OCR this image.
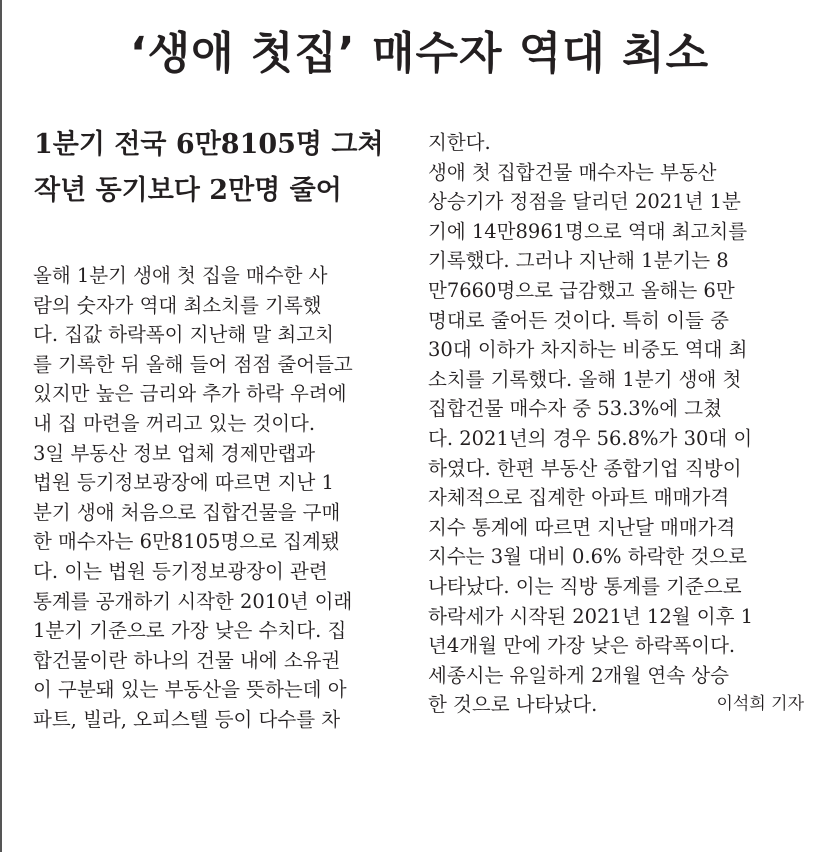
‘생애 첫집’ 매수자 역대 최소
1분기 전국 6만8105명 그쳐
작년 동기보다 2만명 줄어
올해 1분기 생애 첫 집을 매수한 사
람의 숫자가 역대 최소치를 기록했
다. 집값 하락폭이 지난해 말 최고치
를 기록한 뒤 올해 들어 점점 줄어들고
있지만 높은 금리와 추가 하락 우려에
내 집 마련을 꺼리고 있는 것이다.
3일 부동산 정보 업체 경제만랩과
법원 등기정보광장에 따르면 지난 1
분기 생애 처음으로 집합건물을 구매
한 매수자는 6만8105명으로 집계됐
다. 이는 법원 등기정보광장이 관련
통계를 공개하기 시작한 2010년 이래
1분기 기준으로 가장 낮은 수치다. 집
합건물이란 하나의 건물 내에 소유권
이 구분돼 있는 부동산을 뜻하는데 아
파트, 빌라, 오피스텔 등이 다수를 차
지한다.
생애 첫 집합건물 매수자는 부동산
상승기가 정점을 달리던 2021년 1분
기에 14만8961명으로 역대 최고치를
기록했다. 그러나 지난해 1분기는 8
만7660명으로 급감했고 올해는 6만
명대로 줄어든 것이다. 특히 이들 중
30대 이하가 차지하는 비중도 역대 최
소치를 기록했다. 올해 1분기 생애 첫
집합건물 매수자 중 53.3%에 그쳤
다. 2021년의 경우 56.8%가 30대 이
하였다. 한편 부동산 종합기업 직방이
자체적으로 집계한 아파트 매매가격
지수 통계에 따르면 지난달 매매가격
지수는 3월 대비 0.6% 하락한 것으로
나타났다. 이는 직방 통계를 기준으로
하락세가 시작된 2021년 12월 이후 1
년4개월 만에 가장 낮은 하락폭이다.
세종시는 유일하게 2개월 연속 상승
한 것으로 나타났다.	이석희 기자
